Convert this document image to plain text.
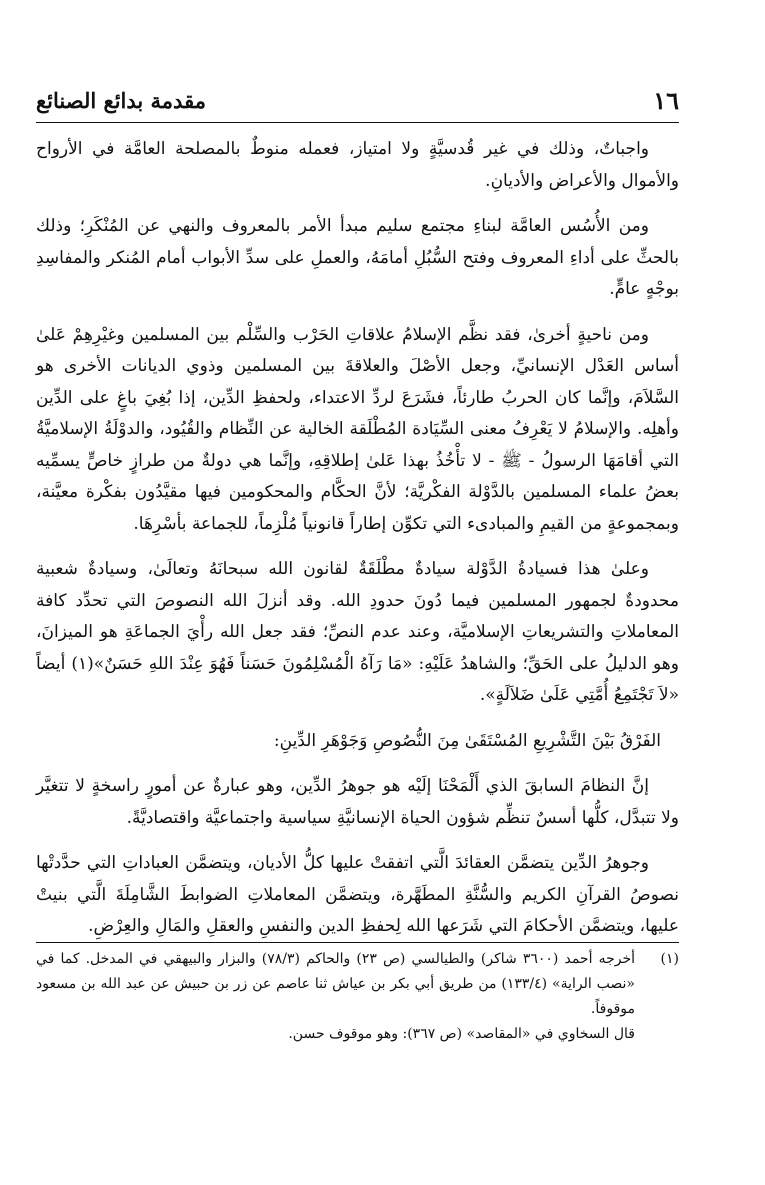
١٦
مقدمة بدائع الصنائع

واجباتٌ، وذلك في غير قُدسيَّةٍ ولا امتياز، فعمله منوطٌ بالمصلحة العامَّة في الأرواح والأموال والأعراض والأديانِ.

ومن الأُسُس العامَّة لبناءِ مجتمع سليم مبدأ الأمر بالمعروف والنهي عن المُنْكَرِ؛ وذلك بالحثِّ على أداءِ المعروف وفتح السُّبُلِ أمامَهُ، والعملِ على سدِّ الأبواب أمام المُنكر والمفاسِدِ بوجْهٍ عامٍّ.

ومن ناحيةٍ أخرىٰ، فقد نظَّم الإسلامُ علاقاتِ الحَرْب والسِّلْم بين المسلمين وغيْرِهِمْ عَلىٰ أساس العَدْل الإنسانيِّ، وجعل الأصْلَ والعلاقةَ بين المسلمين وذوي الديانات الأخرى هو السَّلاَمَ، وإنَّما كان الحربُ طارئاً، فشَرَعَ لردِّ الاعتداء، ولحفظِ الدِّين، إذا بُغِيَ باغٍ على الدِّين وأهلِه. والإسلامُ لا يَعْرِفُ معنى السِّيَادة المُطْلَقة الخالية عن النِّظام والقُيُود، والدوْلَةُ الإسلاميَّةُ التي أقامَهَا الرسولُ - ﷺ - لا تأْخُذُ بهذا عَلىٰ إطلاقِهِ، وإنَّما هي دولةٌ من طرازٍ خاصٍّ يسمِّيه بعضُ علماء المسلمين بالدَّوْلة الفكْريَّة؛ لأنَّ الحكَّام والمحكومين فيها مقيَّدُون بفكْرة معيَّنة، وبمجموعةٍ من القيمِ والمبادىء التي تكوِّن إطاراً قانونياً مُلْزِماً، للجماعة بأسْرِهَا.

وعلىٰ هذا فسيادةُ الدَّوْلة سيادةٌ مطْلَقَةٌ لقانون الله سبحانَهُ وتعالَىٰ، وسيادةٌ شعبية محدودةٌ لجمهور المسلمين فيما دُونَ حدودِ الله. وقد أنزلَ الله النصوصَ التي تحدِّد كافة المعاملاتِ والتشريعاتِ الإسلاميَّة، وعند عدم النصِّ؛ فقد جعل الله رأْيَ الجماعَةِ هو الميزانَ، وهو الدليلُ على الحَقِّ؛ والشاهدُ عَلَيْهِ: «مَا رَآهُ الْمُسْلِمُونَ حَسَناً فَهُوَ عِنْدَ اللهِ حَسَنٌ»(١) أيضاً «لاَ تَجْتَمِعُ أُمَّتِي عَلَىٰ ضَلاَلَةٍ».

الفَرْقُ بَيْنَ التَّشْرِيعِ المُسْتَقَىٰ مِنَ النُّصُوصِ وَجَوْهَرِ الدِّينِ:

إنَّ النظامَ السابقَ الذي أَلْمَحْنَا إلَيْه هو جوهرُ الدِّين، وهو عبارةٌ عن أمورٍ راسخةٍ لا تتغيَّر ولا تتبدَّل، كلُّها أسسٌ تنظِّم شؤون الحياة الإنسانيَّةِ سياسية واجتماعيَّة واقتصاديَّةً.

وجوهرُ الدِّين يتضمَّن العقائدَ الَّتي اتفقتْ عليها كلُّ الأديان، ويتضمَّن العباداتِ التي حدَّدتْها نصوصُ القرآنِ الكريم والسُّنَّةِ المطَهَّرة، ويتضمَّن المعاملاتِ الضوابطَ الشَّامِلَةَ الَّتي بنيتْ عليها، ويتضمَّن الأحكامَ التي شَرَعها الله لِحفظِ الدين والنفسِ والعقلِ والمَالِ والعِرْضِ.

(١)
أخرجه أحمد (٣٦٠٠ شاكر) والطيالسي (ص ٢٣) والحاكم (٧٨/٣) والبزار والبيهقي في المدخل. كما في «نصب الراية» (١٣٣/٤) من طريق أبي بكر بن عياش ثنا عاصم عن زر بن حبيش عن عبد الله بن مسعود موقوفاً.
قال السخاوي في «المقاصد» (ص ٣٦٧): وهو موقوف حسن.
